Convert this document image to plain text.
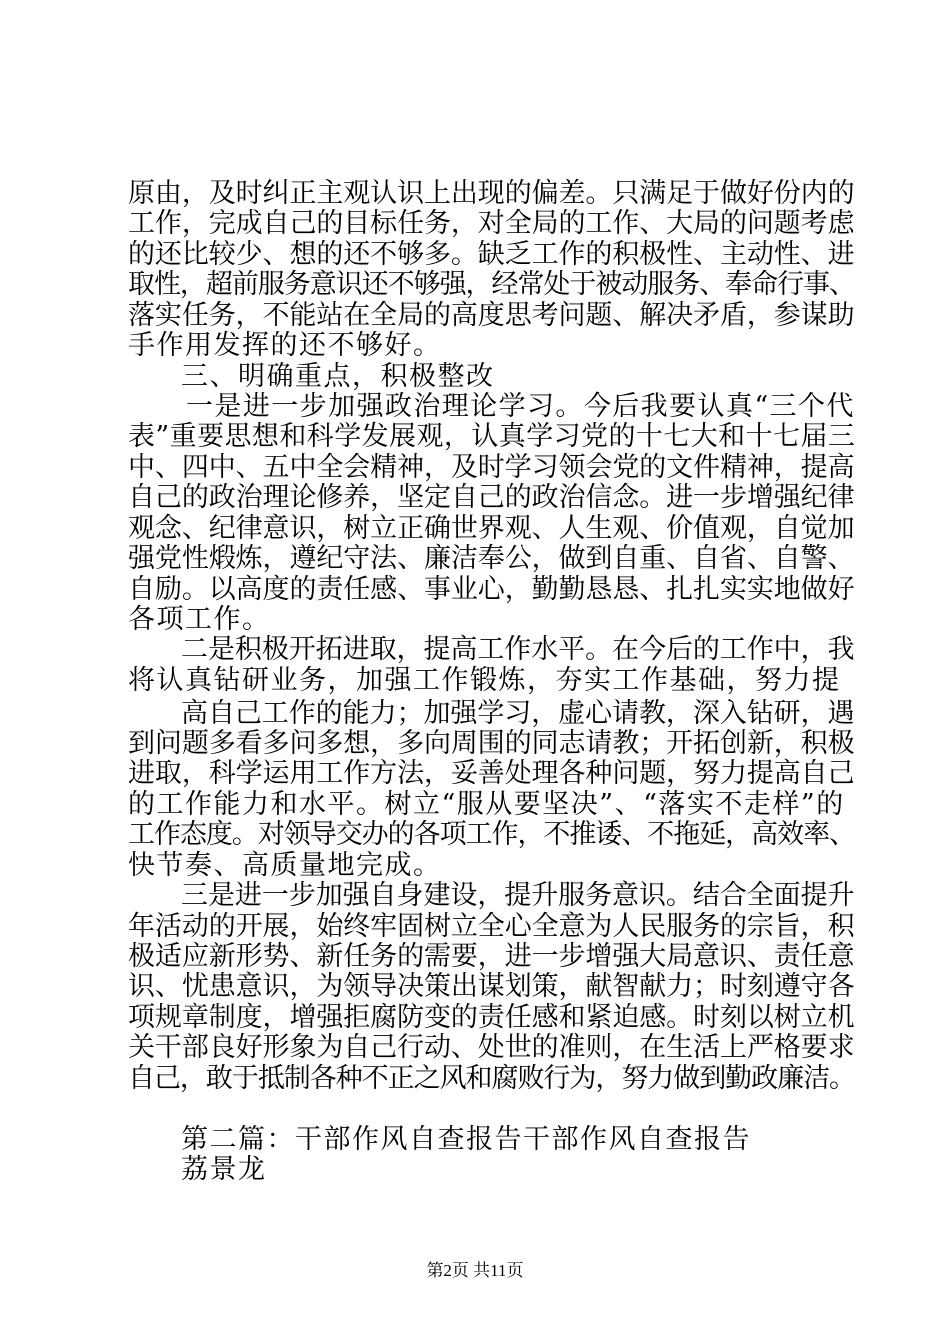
原由，及时纠正主观认识上出现的偏差。只满足于做好份内的
工作，完成自己的目标任务，对全局的工作、大局的问题考虑
的还比较少、想的还不够多。缺乏工作的积极性、主动性、进
取性，超前服务意识还不够强，经常处于被动服务、奉命行事、
落实任务，不能站在全局的高度思考问题、解决矛盾，参谋助
手作用发挥的还不够好。
三、明确重点，积极整改
一是进一步加强政治理论学习。今后我要认真“三个代
表”重要思想和科学发展观，认真学习党的十七大和十七届三
中、四中、五中全会精神，及时学习领会党的文件精神，提高
自己的政治理论修养，坚定自己的政治信念。进一步增强纪律
观念、纪律意识，树立正确世界观、人生观、价值观，自觉加
强党性煅炼，遵纪守法、廉洁奉公，做到自重、自省、自警、
自励。以高度的责任感、事业心，勤勤恳恳、扎扎实实地做好
各项工作。
二是积极开拓进取，提高工作水平。在今后的工作中，我
将认真钻研业务，加强工作锻炼，夯实工作基础，努力提
高自己工作的能力；加强学习，虚心请教，深入钻研，遇
到问题多看多问多想，多向周围的同志请教；开拓创新，积极
进取，科学运用工作方法，妥善处理各种问题，努力提高自己
的工作能力和水平。树立“服从要坚决”、“落实不走样”的
工作态度。对领导交办的各项工作，不推诿、不拖延，高效率、
快节奏、高质量地完成。
三是进一步加强自身建设，提升服务意识。结合全面提升
年活动的开展，始终牢固树立全心全意为人民服务的宗旨，积
极适应新形势、新任务的需要，进一步增强大局意识、责任意
识、忧患意识，为领导决策出谋划策，献智献力；时刻遵守各
项规章制度，增强拒腐防变的责任感和紧迫感。时刻以树立机
关干部良好形象为自己行动、处世的准则，在生活上严格要求
自己，敢于抵制各种不正之风和腐败行为，努力做到勤政廉洁。
第二篇：干部作风自查报告干部作风自查报告
荔景龙
第2页 共11页
